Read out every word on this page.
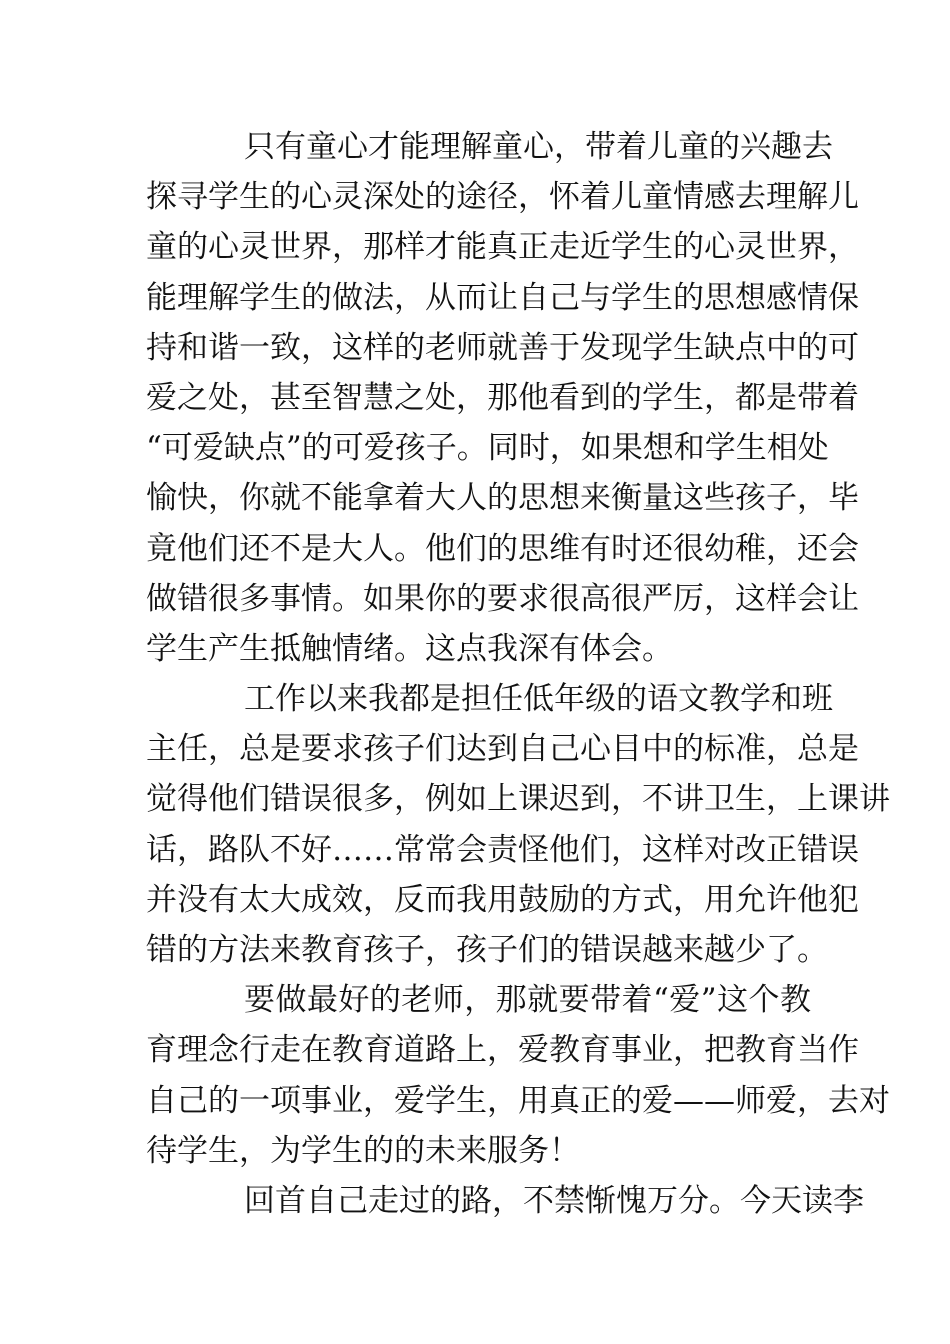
只有童心才能理解童心，带着儿童的兴趣去
探寻学生的心灵深处的途径，怀着儿童情感去理解儿
童的心灵世界，那样才能真正走近学生的心灵世界，
能理解学生的做法，从而让自己与学生的思想感情保
持和谐一致，这样的老师就善于发现学生缺点中的可
爱之处，甚至智慧之处，那他看到的学生，都是带着
“可爱缺点”的可爱孩子。同时，如果想和学生相处
愉快，你就不能拿着大人的思想来衡量这些孩子，毕
竟他们还不是大人。他们的思维有时还很幼稚，还会
做错很多事情。如果你的要求很高很严厉，这样会让
学生产生抵触情绪。这点我深有体会。
工作以来我都是担任低年级的语文教学和班
主任，总是要求孩子们达到自己心目中的标准，总是
觉得他们错误很多，例如上课迟到，不讲卫生，上课讲
话，路队不好……常常会责怪他们，这样对改正错误
并没有太大成效，反而我用鼓励的方式，用允许他犯
错的方法来教育孩子，孩子们的错误越来越少了。
要做最好的老师，那就要带着“爱”这个教
育理念行走在教育道路上，爱教育事业，把教育当作
自己的一项事业，爱学生，用真正的爱——师爱，去对
待学生，为学生的的未来服务！
回首自己走过的路，不禁惭愧万分。今天读李
